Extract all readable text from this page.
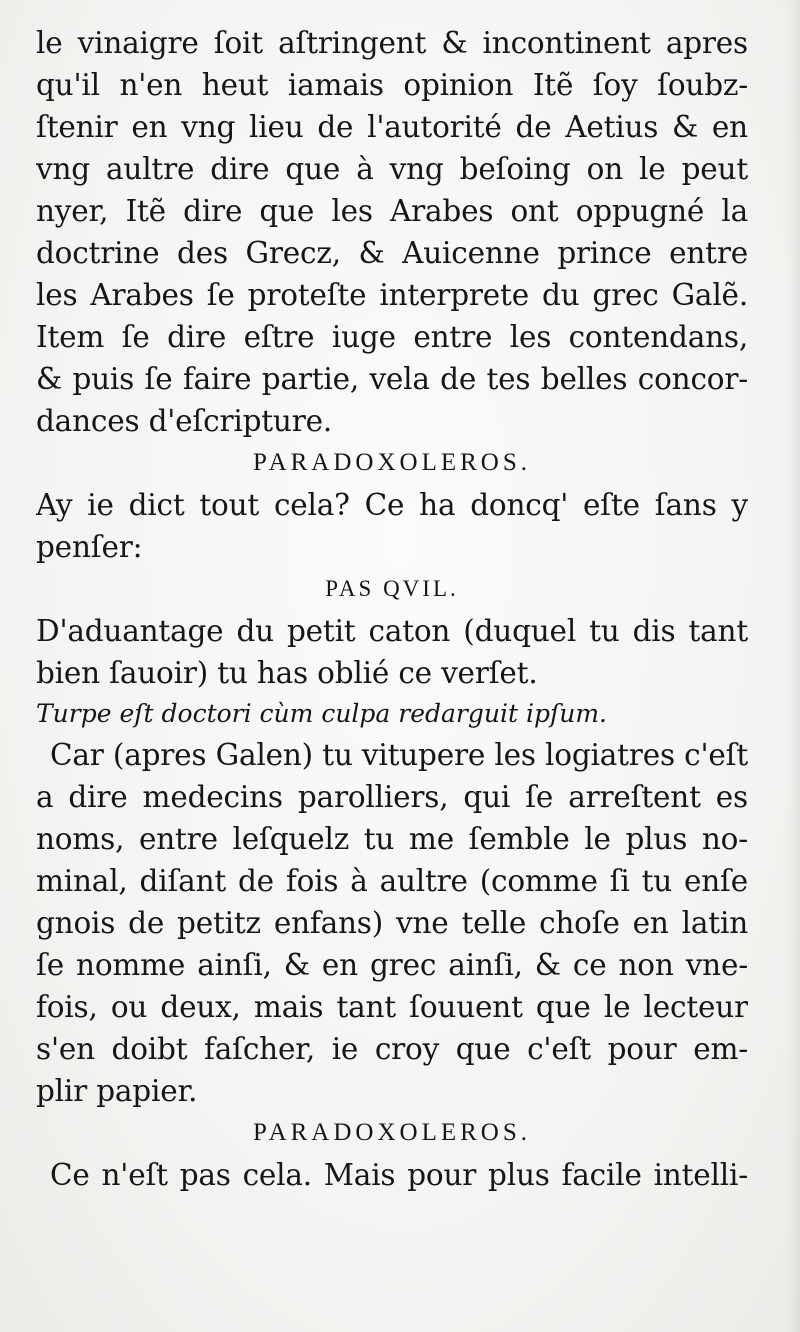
le vinaigre ſoit aſtringent & incontinent apres
qu'il n'en heut iamais opinion Itẽ ſoy ſoubz-
ſtenir en vng lieu de l'autorité de Aetius & en
vng aultre dire que à vng beſoing on le peut
nyer, Itẽ dire que les Arabes ont oppugné la
doctrine des Grecz, & Auicenne prince entre
les Arabes ſe proteſte interprete du grec Galẽ.
Item ſe dire eſtre iuge entre les contendans,
& puis ſe faire partie, vela de tes belles concor-
dances d'eſcripture.
PARADOXOLEROS.
Ay ie dict tout cela? Ce ha doncq' eſte ſans y
penſer:
PAS QVIL.
D'aduantage du petit caton (duquel tu dis tant
bien ſauoir) tu has oblié ce verſet.
Turpe eſt doctori cùm culpa redarguit ipſum.
Car (apres Galen) tu vitupere les logiatres c'eſt
a dire medecins parolliers, qui ſe arreſtent es
noms, entre leſquelz tu me ſemble le plus no-
minal, diſant de fois à aultre (comme ſi tu enſe
gnois de petitz enfans) vne telle choſe en latin
ſe nomme ainſi, & en grec ainſi, & ce non vne-
fois, ou deux, mais tant ſouuent que le lecteur
s'en doibt faſcher, ie croy que c'eſt pour em-
plir papier.
PARADOXOLEROS.
Ce n'eſt pas cela. Mais pour plus facile intelli-
